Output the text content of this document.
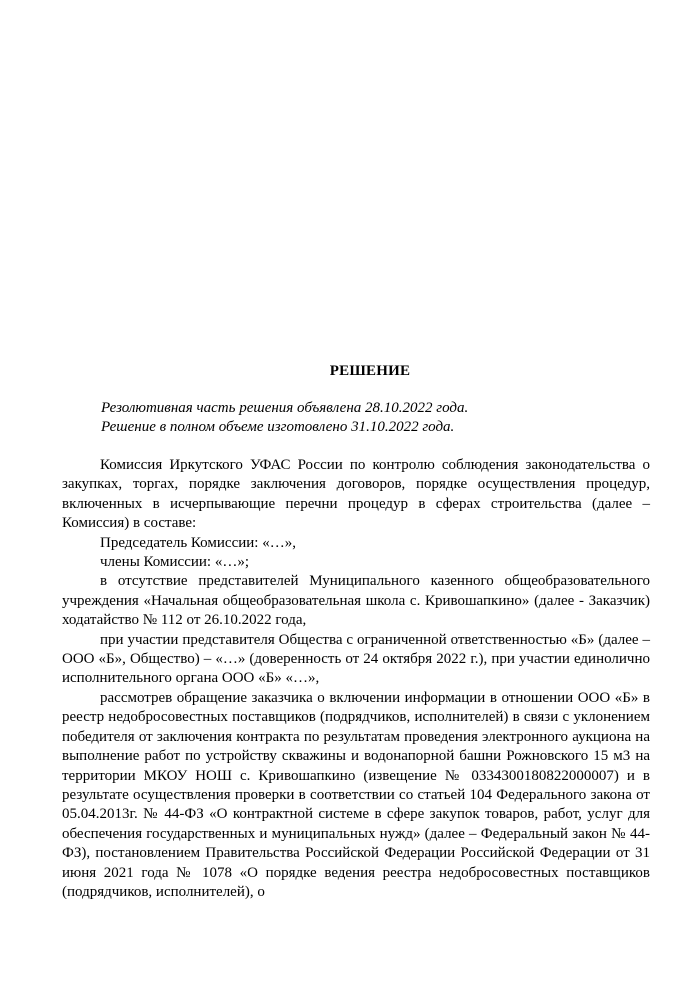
РЕШЕНИЕ
Резолютивная часть решения объявлена 28.10.2022 года.
Решение в полном объеме изготовлено 31.10.2022 года.

Комиссия Иркутского УФАС России по контролю соблюдения законодательства о закупках, торгах, порядке заключения договоров, порядке осуществления процедур, включенных в исчерпывающие перечни процедур в сферах строительства (далее – Комиссия) в составе:

Председатель Комиссии: «…»,

члены Комиссии: «…»;

в отсутствие представителей Муниципального казенного общеобразовательного учреждения «Начальная общеобразовательная школа с. Кривошапкино» (далее - Заказчик) ходатайство № 112 от 26.10.2022 года,

при участии представителя Общества с ограниченной ответственностью «Б» (далее – ООО «Б», Общество) – «…» (доверенность от 24 октября 2022 г.), при участии единолично исполнительного органа ООО «Б» «…»,

рассмотрев обращение заказчика о включении информации в отношении ООО «Б» в реестр недобросовестных поставщиков (подрядчиков, исполнителей) в связи с уклонением победителя от заключения контракта по результатам проведения электронного аукциона на выполнение работ по устройству скважины и водонапорной башни Рожновского 15 м3 на территории МКОУ НОШ с. Кривошапкино (извещение № 0334300180822000007) и в результате осуществления проверки в соответствии со статьей 104 Федерального закона от 05.04.2013г. № 44-ФЗ «О контрактной системе в сфере закупок товаров, работ, услуг для обеспечения государственных и муниципальных нужд» (далее – Федеральный закон № 44-ФЗ), постановлением Правительства Российской Федерации Российской Федерации от 31 июня 2021 года № 1078 «О порядке ведения реестра недобросовестных поставщиков (подрядчиков, исполнителей), о
